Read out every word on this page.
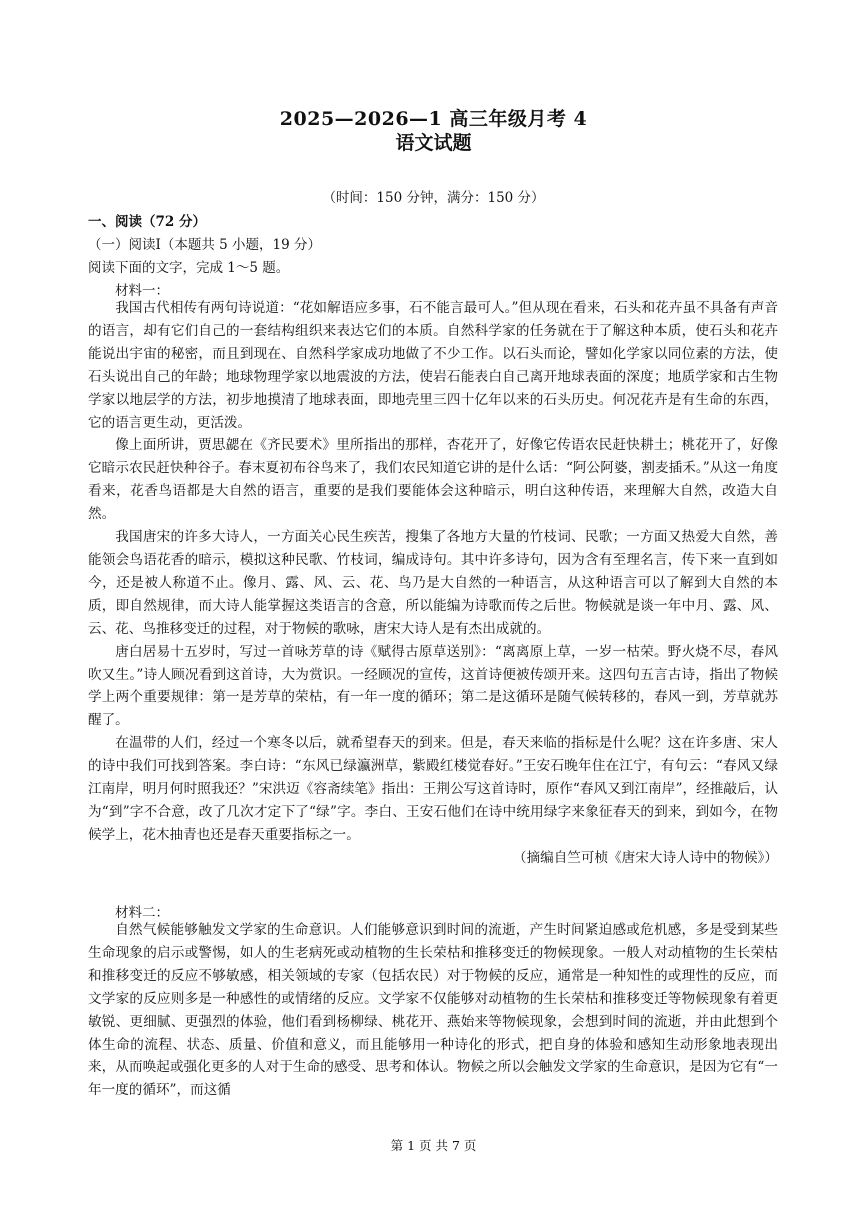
2025—2026—1 高三年级月考 4
语文试题
（时间：150 分钟，满分：150 分）
一、阅读（72 分）
（一）阅读Ⅰ（本题共 5 小题，19 分）
阅读下面的文字，完成 1～5 题。
材料一：

我国古代相传有两句诗说道：“花如解语应多事，石不能言最可人。”但从现在看来，石头和花卉虽不具备有声音的语言，却有它们自己的一套结构组织来表达它们的本质。自然科学家的任务就在于了解这种本质，使石头和花卉能说出宇宙的秘密，而且到现在、自然科学家成功地做了不少工作。以石头而论，譬如化学家以同位素的方法，使石头说出自己的年龄；地球物理学家以地震波的方法，使岩石能表白自己离开地球表面的深度；地质学家和古生物学家以地层学的方法，初步地摸清了地球表面，即地壳里三四十亿年以来的石头历史。何况花卉是有生命的东西，它的语言更生动，更活泼。

像上面所讲，贾思勰在《齐民要术》里所指出的那样，杏花开了，好像它传语农民赶快耕土；桃花开了，好像它暗示农民赶快种谷子。春末夏初布谷鸟来了，我们农民知道它讲的是什么话：“阿公阿婆，割麦插禾。”从这一角度看来，花香鸟语都是大自然的语言，重要的是我们要能体会这种暗示，明白这种传语，来理解大自然，改造大自然。

我国唐宋的许多大诗人，一方面关心民生疾苦，搜集了各地方大量的竹枝词、民歌；一方面又热爱大自然，善能领会鸟语花香的暗示，模拟这种民歌、竹枝词，编成诗句。其中许多诗句，因为含有至理名言，传下来一直到如今，还是被人称道不止。像月、露、风、云、花、鸟乃是大自然的一种语言，从这种语言可以了解到大自然的本质，即自然规律，而大诗人能掌握这类语言的含意，所以能编为诗歌而传之后世。物候就是谈一年中月、露、风、云、花、鸟推移变迁的过程，对于物候的歌咏，唐宋大诗人是有杰出成就的。

唐白居易十五岁时，写过一首咏芳草的诗《赋得古原草送别》：“离离原上草，一岁一枯荣。野火烧不尽，春风吹又生。”诗人顾况看到这首诗，大为赏识。一经顾况的宣传，这首诗便被传颂开来。这四句五言古诗，指出了物候学上两个重要规律：第一是芳草的荣枯，有一年一度的循环；第二是这循环是随气候转移的，春风一到，芳草就苏醒了。

在温带的人们，经过一个寒冬以后，就希望春天的到来。但是，春天来临的指标是什么呢？这在许多唐、宋人的诗中我们可找到答案。李白诗：“东风已绿瀛洲草，紫殿红楼觉春好。”王安石晚年住在江宁，有句云：“春风又绿江南岸，明月何时照我还？”宋洪迈《容斋续笔》指出：王荆公写这首诗时，原作“春风又到江南岸”，经推敲后，认为“到”字不合意，改了几次才定下了“绿”字。李白、王安石他们在诗中统用绿字来象征春天的到来，到如今，在物候学上，花木抽青也还是春天重要指标之一。

（摘编自竺可桢《唐宋大诗人诗中的物候》）

材料二：

自然气候能够触发文学家的生命意识。人们能够意识到时间的流逝，产生时间紧迫感或危机感，多是受到某些生命现象的启示或警惕，如人的生老病死或动植物的生长荣枯和推移变迁的物候现象。一般人对动植物的生长荣枯和推移变迁的反应不够敏感，相关领域的专家（包括农民）对于物候的反应，通常是一种知性的或理性的反应，而文学家的反应则多是一种感性的或情绪的反应。文学家不仅能够对动植物的生长荣枯和推移变迁等物候现象有着更敏锐、更细腻、更强烈的体验，他们看到杨柳绿、桃花开、燕始来等物候现象，会想到时间的流逝，并由此想到个体生命的流程、状态、质量、价值和意义，而且能够用一种诗化的形式，把自身的体验和感知生动形象地表现出来，从而唤起或强化更多的人对于生命的感受、思考和体认。物候之所以会触发文学家的生命意识，是因为它有“一年一度的循环”，而这循

第 1 页 共 7 页
